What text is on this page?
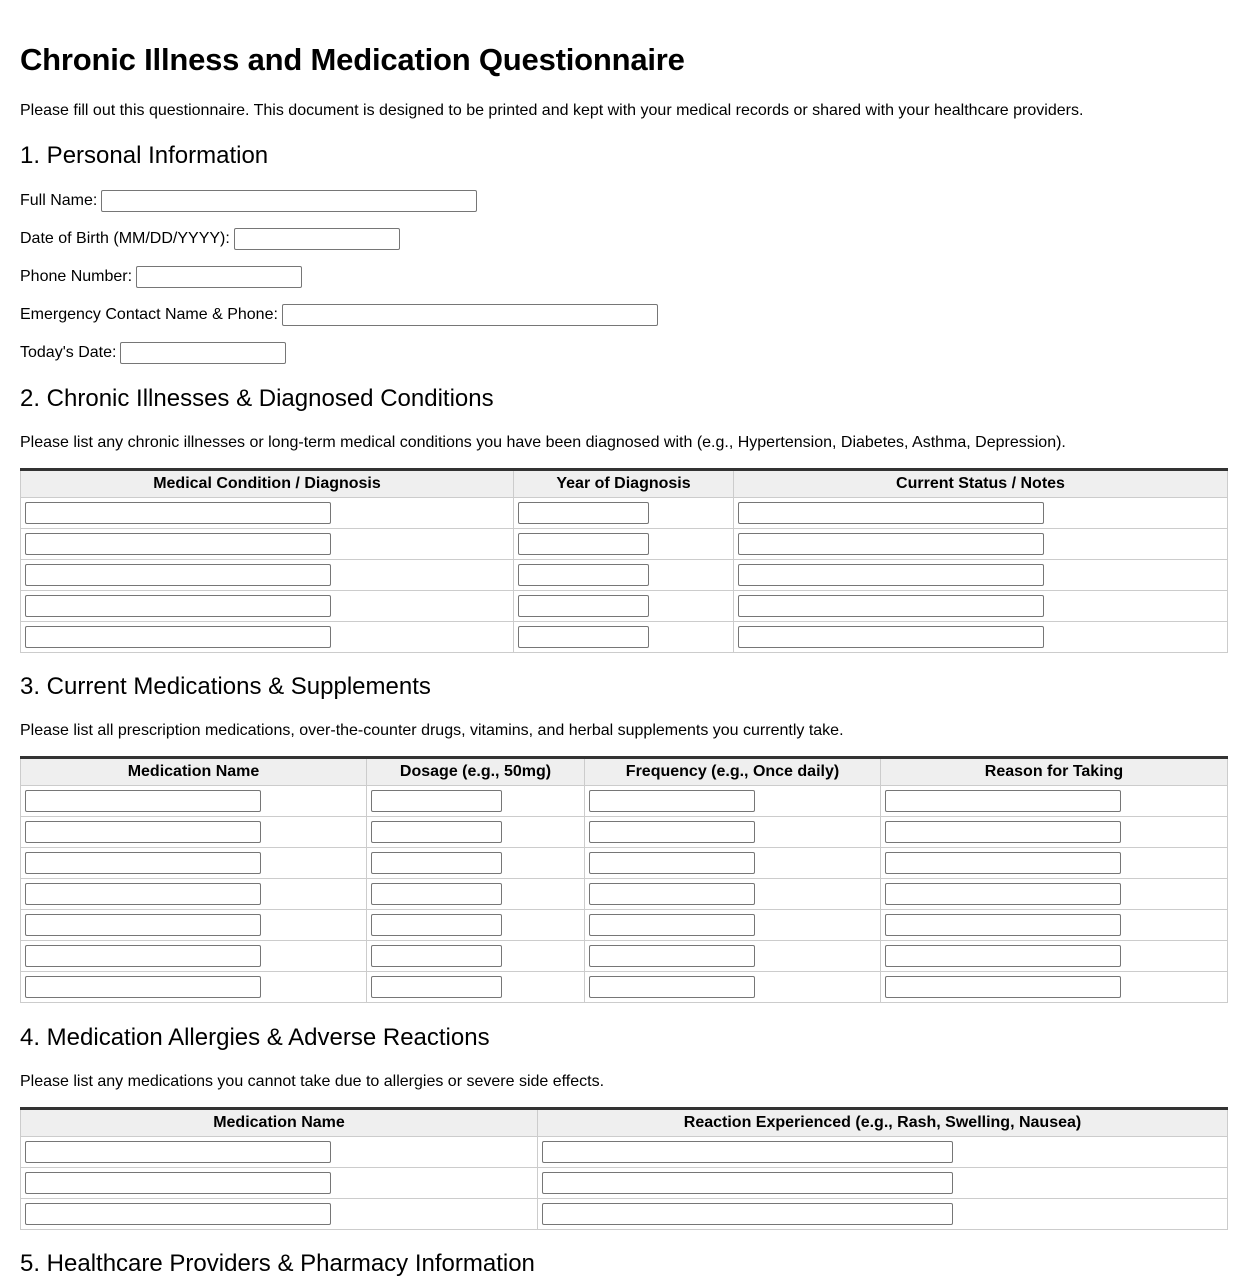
Chronic Illness and Medication Questionnaire

Please fill out this questionnaire. This document is designed to be printed and kept with your medical records or shared with your healthcare providers.

1. Personal Information
Full Name:
Date of Birth (MM/DD/YYYY):
Phone Number:
Emergency Contact Name & Phone:
Today's Date:
2. Chronic Illnesses & Diagnosed Conditions

Please list any chronic illnesses or long-term medical conditions you have been diagnosed with (e.g., Hypertension, Diabetes, Asthma, Depression).

Medical Condition / Diagnosis	Year of Diagnosis	Current Status / Notes

3. Current Medications & Supplements

Please list all prescription medications, over-the-counter drugs, vitamins, and herbal supplements you currently take.

Medication Name	Dosage (e.g., 50mg)	Frequency (e.g., Once daily)	Reason for Taking

4. Medication Allergies & Adverse Reactions

Please list any medications you cannot take due to allergies or severe side effects.

Medication Name	Reaction Experienced (e.g., Rash, Swelling, Nausea)

5. Healthcare Providers & Pharmacy Information
